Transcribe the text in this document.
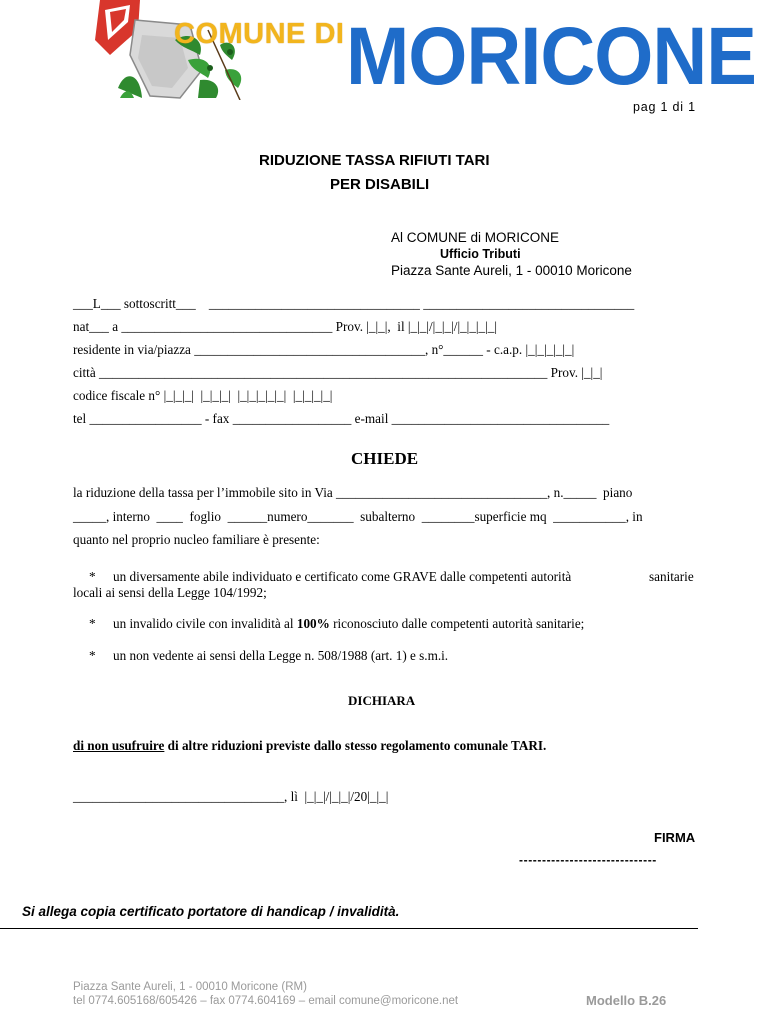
COMUNE DI MORICONE
pag 1 di 1
RIDUZIONE TASSA RIFIUTI TARI
PER DISABILI
Al COMUNE di MORICONE
Ufficio Tributi
Piazza Sante Aureli, 1 - 00010 Moricone
___L___ sottoscritt___    ________________________________ ________________________________
nat___ a ________________________________ Prov. |_|_|,  il |_|_|/|_|_|/|_|_|_|_|
residente in via/piazza ___________________________________, n°______ - c.a.p. |_|_|_|_|_|
città ____________________________________________________________________ Prov. |_|_|
codice fiscale n° |_|_|_|  |_|_|_|  |_|_|_|_|_|  |_|_|_|_|
tel _________________ - fax __________________ e-mail _________________________________
CHIEDE
la riduzione della tassa per l’immobile sito in Via ________________________________, n._____  piano
_____, interno  ____  foglio  ______numero_______  subalterno  ________superficie mq  ___________, in
quanto nel proprio nucleo familiare è presente:
* un diversamente abile individuato e certificato come GRAVE dalle competenti autorità	sanitarie
locali ai sensi della Legge 104/1992;
* un invalido civile con invalidità al 100% riconosciuto dalle competenti autorità sanitarie;
* un non vedente ai sensi della Legge n. 508/1988 (art. 1) e s.m.i.
DICHIARA
di non usufruire di altre riduzioni previste dallo stesso regolamento comunale TARI.
________________________________, lì  |_|_|/|_|_|/20|_|_|
FIRMA
------------------------------
Si allega copia certificato portatore di handicap / invalidità.
Piazza Sante Aureli, 1 - 00010 Moricone (RM)
tel 0774.605168/605426 – fax 0774.604169 – email comune@moricone.net	Modello B.26
